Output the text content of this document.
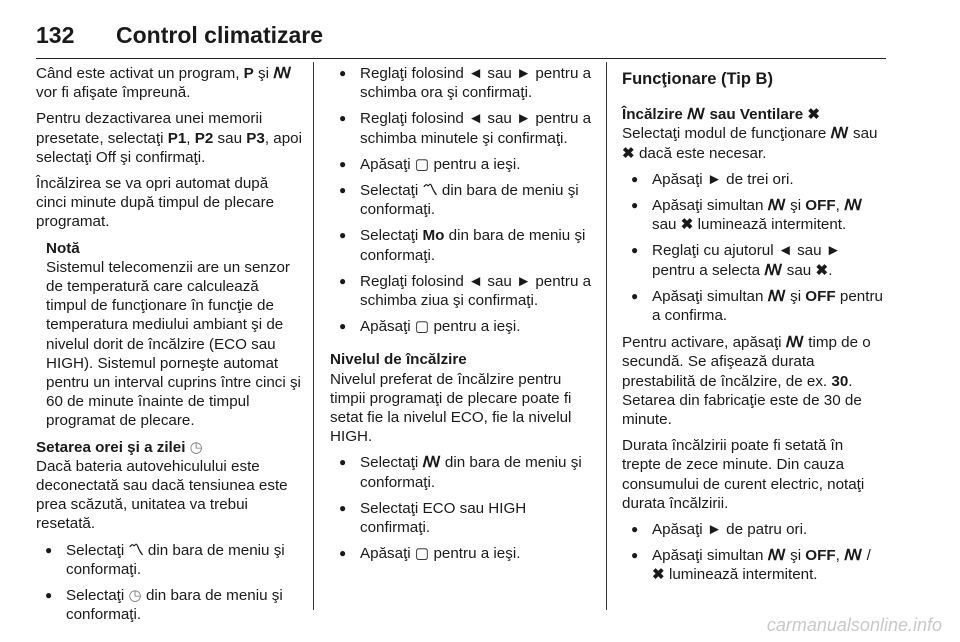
132 Control climatizare

Când este activat un program, P şi ꟿ vor fi afişate împreună.

Pentru dezactivarea unei memorii presetate, selectaţi P1, P2 sau P3, apoi selectaţi Off şi confirmaţi.

Încălzirea se va opri automat după cinci minute după timpul de plecare programat.

Notă
Sistemul telecomenzii are un senzor de temperatură care calculează timpul de funcţionare în funcţie de temperatura mediului ambiant şi de nivelul dorit de încălzire (ECO sau HIGH). Sistemul porneşte automat pentru un interval cuprins între cinci şi 60 de minute înainte de timpul programat de plecare.
Setarea orei şi a zilei ◷

Dacă bateria autovehiculului este deconectată sau dacă tensiunea este prea scăzută, unitatea va trebui resetată.

● Selectaţi 〽 din bara de meniu şi conformaţi.
● Selectaţi ◷ din bara de meniu şi conformaţi.
● Reglaţi folosind ◄ sau ► pentru a schimba ora şi confirmaţi.
● Reglaţi folosind ◄ sau ► pentru a schimba minutele şi confirmaţi.
● Apăsaţi ▢ pentru a ieşi.
● Selectaţi 〽 din bara de meniu şi conformaţi.
● Selectaţi Mo din bara de meniu şi conformaţi.
● Reglaţi folosind ◄ sau ► pentru a schimba ziua şi confirmaţi.
● Apăsaţi ▢ pentru a ieşi.
Nivelul de încălzire

Nivelul preferat de încălzire pentru timpii programaţi de plecare poate fi setat fie la nivelul ECO, fie la nivelul HIGH.

● Selectaţi ꟿ din bara de meniu şi conformaţi.
● Selectaţi ECO sau HIGH confirmaţi.
● Apăsaţi ▢ pentru a ieşi.
Funcţionare (Tip B)
Încălzire ꟿ sau Ventilare ✖

Selectaţi modul de funcţionare ꟿ sau ✖ dacă este necesar.

● Apăsaţi ► de trei ori.
● Apăsaţi simultan ꟿ şi OFF, ꟿ sau ✖ luminează intermitent.
● Reglaţi cu ajutorul ◄ sau ► pentru a selecta ꟿ sau ✖.
● Apăsaţi simultan ꟿ şi OFF pentru a confirma.

Pentru activare, apăsaţi ꟿ timp de o secundă. Se afişează durata prestabilită de încălzire, de ex. 30. Setarea din fabricaţie este de 30 de minute.

Durata încălzirii poate fi setată în trepte de zece minute. Din cauza consumului de curent electric, notaţi durata încălzirii.

● Apăsaţi ► de patru ori.
● Apăsaţi simultan ꟿ şi OFF, ꟿ / ✖ luminează intermitent.
carmanualsonline.info
